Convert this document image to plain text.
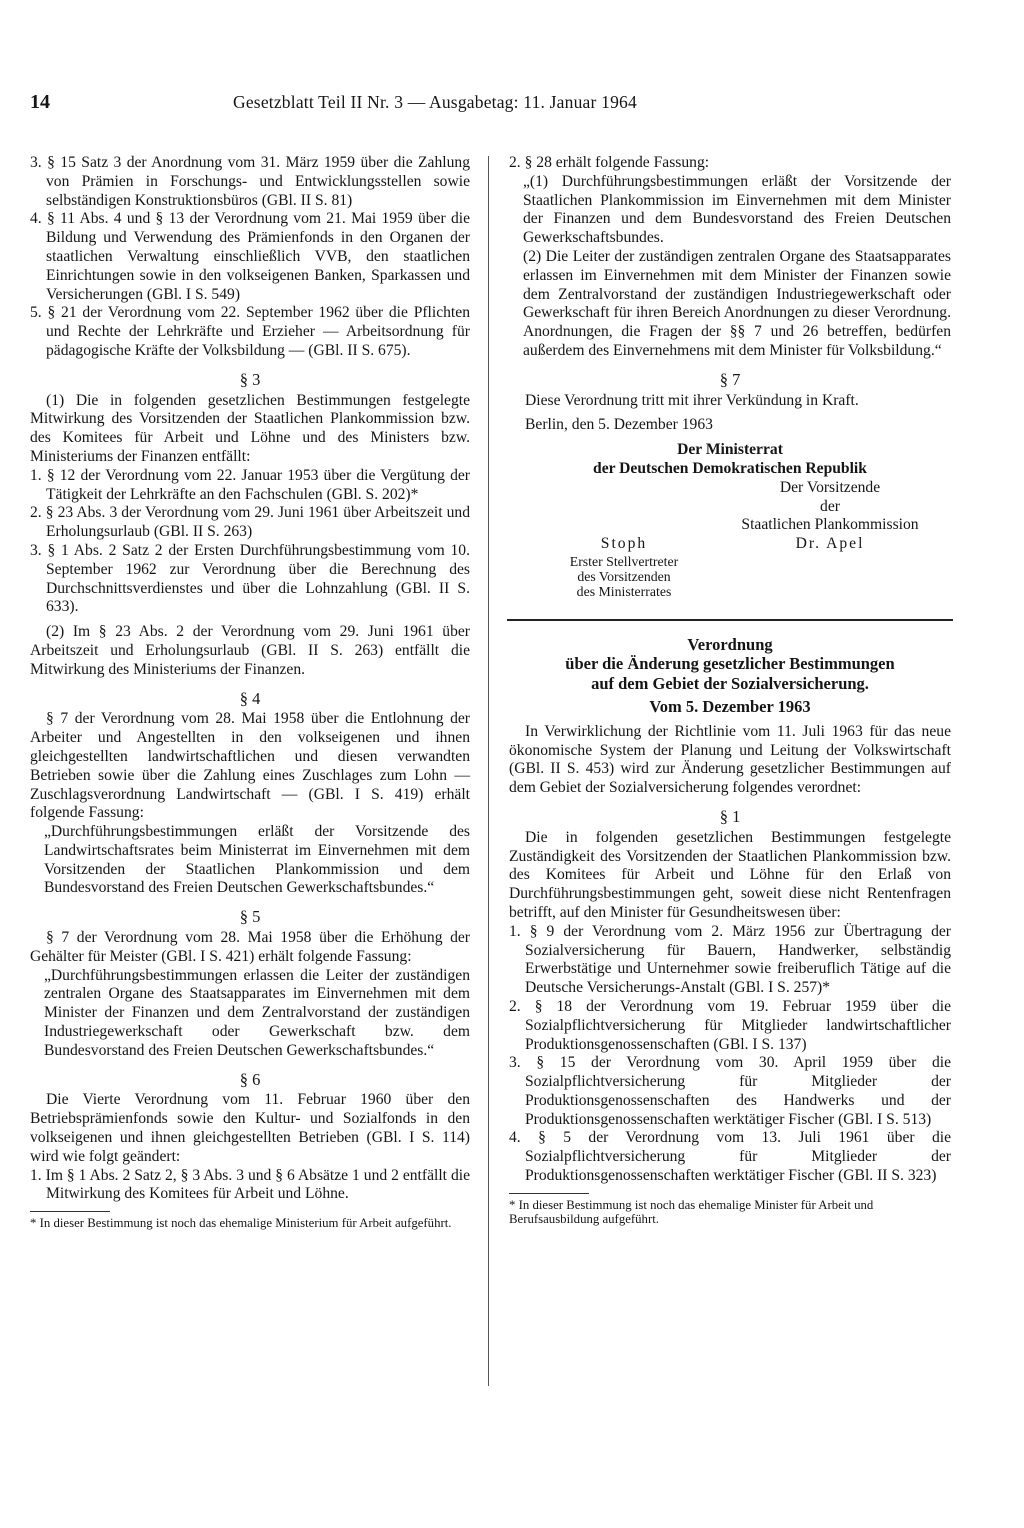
14	Gesetzblatt Teil II Nr. 3 — Ausgabetag: 11. Januar 1964

3. § 15 Satz 3 der Anordnung vom 31. März 1959 über die Zahlung von Prämien in Forschungs- und Entwicklungsstellen sowie selbständigen Konstruktionsbüros (GBl. II S. 81)

4. § 11 Abs. 4 und § 13 der Verordnung vom 21. Mai 1959 über die Bildung und Verwendung des Prämienfonds in den Organen der staatlichen Verwaltung einschließlich VVB, den staatlichen Einrichtungen sowie in den volkseigenen Banken, Sparkassen und Versicherungen (GBl. I S. 549)

5. § 21 der Verordnung vom 22. September 1962 über die Pflichten und Rechte der Lehrkräfte und Erzieher — Arbeitsordnung für pädagogische Kräfte der Volksbildung — (GBl. II S. 675).

§ 3

(1) Die in folgenden gesetzlichen Bestimmungen festgelegte Mitwirkung des Vorsitzenden der Staatlichen Plankommission bzw. des Komitees für Arbeit und Löhne und des Ministers bzw. Ministeriums der Finanzen entfällt:

1. § 12 der Verordnung vom 22. Januar 1953 über die Vergütung der Tätigkeit der Lehrkräfte an den Fachschulen (GBl. S. 202)*

2. § 23 Abs. 3 der Verordnung vom 29. Juni 1961 über Arbeitszeit und Erholungsurlaub (GBl. II S. 263)

3. § 1 Abs. 2 Satz 2 der Ersten Durchführungsbestimmung vom 10. September 1962 zur Verordnung über die Berechnung des Durchschnittsverdienstes und über die Lohnzahlung (GBl. II S. 633).

(2) Im § 23 Abs. 2 der Verordnung vom 29. Juni 1961 über Arbeitszeit und Erholungsurlaub (GBl. II S. 263) entfällt die Mitwirkung des Ministeriums der Finanzen.

§ 4

§ 7 der Verordnung vom 28. Mai 1958 über die Entlohnung der Arbeiter und Angestellten in den volkseigenen und ihnen gleichgestellten landwirtschaftlichen und diesen verwandten Betrieben sowie über die Zahlung eines Zuschlages zum Lohn — Zuschlagsverordnung Landwirtschaft — (GBl. I S. 419) erhält folgende Fassung:

„Durchführungsbestimmungen erläßt der Vorsitzende des Landwirtschaftsrates beim Ministerrat im Einvernehmen mit dem Vorsitzenden der Staatlichen Plankommission und dem Bundesvorstand des Freien Deutschen Gewerkschaftsbundes.“

§ 5

§ 7 der Verordnung vom 28. Mai 1958 über die Erhöhung der Gehälter für Meister (GBl. I S. 421) erhält folgende Fassung:

„Durchführungsbestimmungen erlassen die Leiter der zuständigen zentralen Organe des Staatsapparates im Einvernehmen mit dem Minister der Finanzen und dem Zentralvorstand der zuständigen Industriegewerkschaft oder Gewerkschaft bzw. dem Bundesvorstand des Freien Deutschen Gewerkschaftsbundes.“

§ 6

Die Vierte Verordnung vom 11. Februar 1960 über den Betriebsprämienfonds sowie den Kultur- und Sozialfonds in den volkseigenen und ihnen gleichgestellten Betrieben (GBl. I S. 114) wird wie folgt geändert:

1. Im § 1 Abs. 2 Satz 2, § 3 Abs. 3 und § 6 Absätze 1 und 2 entfällt die Mitwirkung des Komitees für Arbeit und Löhne.

* In dieser Bestimmung ist noch das ehemalige Ministerium für Arbeit aufgeführt.

2. § 28 erhält folgende Fassung:

„(1) Durchführungsbestimmungen erläßt der Vorsitzende der Staatlichen Plankommission im Einvernehmen mit dem Minister der Finanzen und dem Bundesvorstand des Freien Deutschen Gewerkschaftsbundes.

(2) Die Leiter der zuständigen zentralen Organe des Staatsapparates erlassen im Einvernehmen mit dem Minister der Finanzen sowie dem Zentralvorstand der zuständigen Industriegewerkschaft oder Gewerkschaft für ihren Bereich Anordnungen zu dieser Verordnung. Anordnungen, die Fragen der §§ 7 und 26 betreffen, bedürfen außerdem des Einvernehmens mit dem Minister für Volksbildung.“

§ 7

Diese Verordnung tritt mit ihrer Verkündung in Kraft.

Berlin, den 5. Dezember 1963

Der Ministerrat

der Deutschen Demokratischen Republik

Der Vorsitzende
der
Staatlichen Plankommission
Dr. Apel
Stoph
Erster Stellvertreter
des Vorsitzenden
des Ministerrates

Verordnung

über die Änderung gesetzlicher Bestimmungen

auf dem Gebiet der Sozialversicherung.

Vom 5. Dezember 1963

In Verwirklichung der Richtlinie vom 11. Juli 1963 für das neue ökonomische System der Planung und Leitung der Volkswirtschaft (GBl. II S. 453) wird zur Änderung gesetzlicher Bestimmungen auf dem Gebiet der Sozialversicherung folgendes verordnet:

§ 1

Die in folgenden gesetzlichen Bestimmungen festgelegte Zuständigkeit des Vorsitzenden der Staatlichen Plankommission bzw. des Komitees für Arbeit und Löhne für den Erlaß von Durchführungsbestimmungen geht, soweit diese nicht Rentenfragen betrifft, auf den Minister für Gesundheitswesen über:

1. § 9 der Verordnung vom 2. März 1956 zur Übertragung der Sozialversicherung für Bauern, Handwerker, selbständig Erwerbstätige und Unternehmer sowie freiberuflich Tätige auf die Deutsche Versicherungs-Anstalt (GBl. I S. 257)*

2. § 18 der Verordnung vom 19. Februar 1959 über die Sozialpflichtversicherung für Mitglieder landwirtschaftlicher Produktionsgenossenschaften (GBl. I S. 137)

3. § 15 der Verordnung vom 30. April 1959 über die Sozialpflichtversicherung für Mitglieder der Produktionsgenossenschaften des Handwerks und der Produktionsgenossenschaften werktätiger Fischer (GBl. I S. 513)

4. § 5 der Verordnung vom 13. Juli 1961 über die Sozialpflichtversicherung für Mitglieder der Produktionsgenossenschaften werktätiger Fischer (GBl. II S. 323)

* In dieser Bestimmung ist noch das ehemalige Minister für Arbeit und Berufsausbildung aufgeführt.
